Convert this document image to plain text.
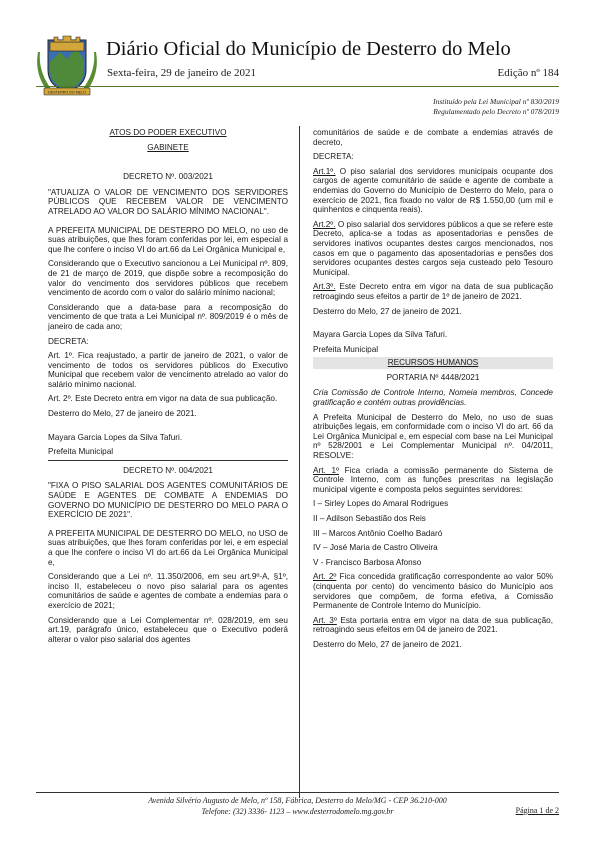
DESTERRO DO MELO
Diário Oficial do Município de Desterro do Melo
Sexta-feira, 29 de janeiro de 2021	Edição nº 184
Instituído pela Lei Municipal nº 830/2019
Regulamentado pelo Decreto nº 078/2019
ATOS DO PODER EXECUTIVO
GABINETE
DECRETO Nº. 003/2021
"ATUALIZA O VALOR DE VENCIMENTO DOS SERVIDORES PÚBLICOS QUE RECEBEM VALOR DE VENCIMENTO ATRELADO AO VALOR DO SALÁRIO MÍNIMO NACIONAL".
A PREFEITA MUNICIPAL DE DESTERRO DO MELO, no uso de suas atribuições, que lhes foram conferidas por lei, em especial a que lhe confere o inciso VI do art.66 da Lei Orgânica Municipal e,
Considerando que o Executivo sancionou a Lei Municipal nº. 809, de 21 de março de 2019, que dispõe sobre a recomposição do valor do vencimento dos servidores públicos que recebem vencimento de acordo com o valor do salário mínimo nacional;
Considerando que a data-base para a recomposição do vencimento de que trata a Lei Municipal nº. 809/2019 é o mês de janeiro de cada ano;
DECRETA:
Art. 1º. Fica reajustado, a partir de janeiro de 2021, o valor de vencimento de todos os servidores públicos do Executivo Municipal que recebem valor de vencimento atrelado ao valor do salário mínimo nacional.
Art. 2º. Este Decreto entra em vigor na data de sua publicação.
Desterro do Melo, 27 de janeiro de 2021.
Mayara Garcia Lopes da Silva Tafuri.
Prefeita Municipal
DECRETO Nº. 004/2021
"FIXA O PISO SALARIAL DOS AGENTES COMUNITÁRIOS DE SAÚDE E AGENTES DE COMBATE A ENDEMIAS DO GOVERNO DO MUNICÍPIO DE DESTERRO DO MELO PARA O EXERCÍCIO DE 2021".
A PREFEITA MUNICIPAL DE DESTERRO DO MELO, no USO de suas atribuições, que lhes foram conferidas por lei, e em especial a que lhe confere o inciso VI do art.66 da Lei Orgânica Municipal e,
Considerando que a Lei nº. 11.350/2006, em seu art.9º-A, §1º, inciso II, estabeleceu o novo piso salarial para os agentes comunitários de saúde e agentes de combate a endemias para o exercício de 2021;
Considerando que a Lei Complementar nº. 028/2019, em seu art.19, parágrafo único, estabeleceu que o Executivo poderá alterar o valor piso salarial dos agentes
comunitários de saúde e de combate a endemias através de decreto,
DECRETA:
Art.1º. O piso salarial dos servidores municipais ocupante dos cargos de agente comunitário de saúde e agente de combate a endemias do Governo do Município de Desterro do Melo, para o exercício de 2021, fica fixado no valor de R$ 1.550,00 (um mil e quinhentos e cinquenta reais).
Art.2º. O piso salarial dos servidores públicos a que se refere este Decreto, aplica-se a todas as aposentadorias e pensões de servidores inativos ocupantes destes cargos mencionados, nos casos em que o pagamento das aposentadorias e pensões dos servidores ocupantes destes cargos seja custeado pelo Tesouro Municipal.
Art.3º. Este Decreto entra em vigor na data de sua publicação retroagindo seus efeitos a partir de 1º de janeiro de 2021.
Desterro do Melo, 27 de janeiro de 2021.
Mayara Garcia Lopes da Silva Tafuri.
Prefeita Municipal
RECURSOS HUMANOS
PORTARIA Nº 4448/2021
Cria Comissão de Controle Interno, Nomeia membros, Concede gratificação e contém outras providências.
A Prefeita Municipal de Desterro do Melo, no uso de suas atribuições legais, em conformidade com o inciso VI do art. 66 da Lei Orgânica Municipal e, em especial com base na Lei Municipal nº 528/2001 e Lei Complementar Municipal nº. 04/2011, RESOLVE:
Art. 1º Fica criada a comissão permanente do Sistema de Controle Interno, com as funções prescritas na legislação municipal vigente e composta pelos seguintes servidores:
I – Sirley Lopes do Amaral Rodrigues
II – Adilson Sebastião dos Reis
III – Marcos Antônio Coelho Badaró
IV – José Maria de Castro Oliveira
V - Francisco Barbosa Afonso
Art. 2º Fica concedida gratificação correspondente ao valor 50% (cinquenta por cento) do vencimento básico do Município aos servidores que compõem, de forma efetiva, a Comissão Permanente de Controle Interno do Município.
Art. 3º Esta portaria entra em vigor na data de sua publicação, retroagindo seus efeitos em 04 de janeiro de 2021.
Desterro do Melo, 27 de janeiro de 2021.
Avenida Silvério Augusto de Melo, nº 158, Fábrica, Desterro do Melo/MG - CEP 36.210-000
Telefone: (32) 3336- 1123 – www.desterrodomelo.mg.gov.br	Página 1 de 2
